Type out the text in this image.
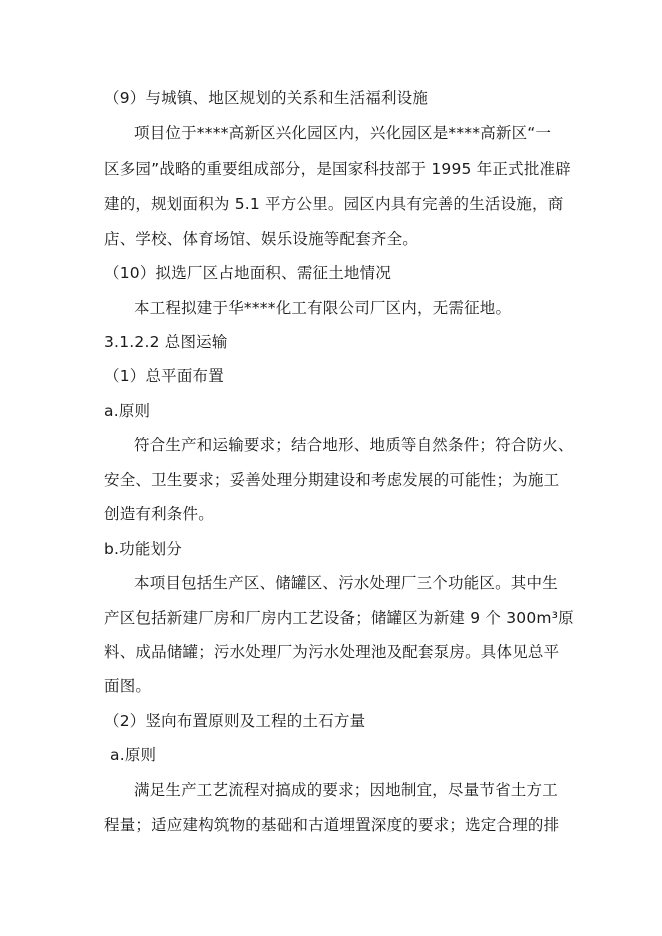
（9）与城镇、地区规划的关系和生活福利设施
项目位于****高新区兴化园区内，兴化园区是****高新区“一
区多园”战略的重要组成部分，是国家科技部于 1995 年正式批准辟
建的，规划面积为 5.1 平方公里。园区内具有完善的生活设施，商
店、学校、体育场馆、娱乐设施等配套齐全。
（10）拟选厂区占地面积、需征土地情况
本工程拟建于华****化工有限公司厂区内，无需征地。
3.1.2.2 总图运输
（1）总平面布置
a.原则
符合生产和运输要求；结合地形、地质等自然条件；符合防火、
安全、卫生要求；妥善处理分期建设和考虑发展的可能性；为施工
创造有利条件。
b.功能划分
本项目包括生产区、储罐区、污水处理厂三个功能区。其中生
产区包括新建厂房和厂房内工艺设备；储罐区为新建 9 个 300m³原
料、成品储罐；污水处理厂为污水处理池及配套泵房。具体见总平
面图。
（2）竖向布置原则及工程的土石方量
a.原则
满足生产工艺流程对搞成的要求；因地制宜，尽量节省土方工
程量；适应建构筑物的基础和古道埋置深度的要求；选定合理的排
